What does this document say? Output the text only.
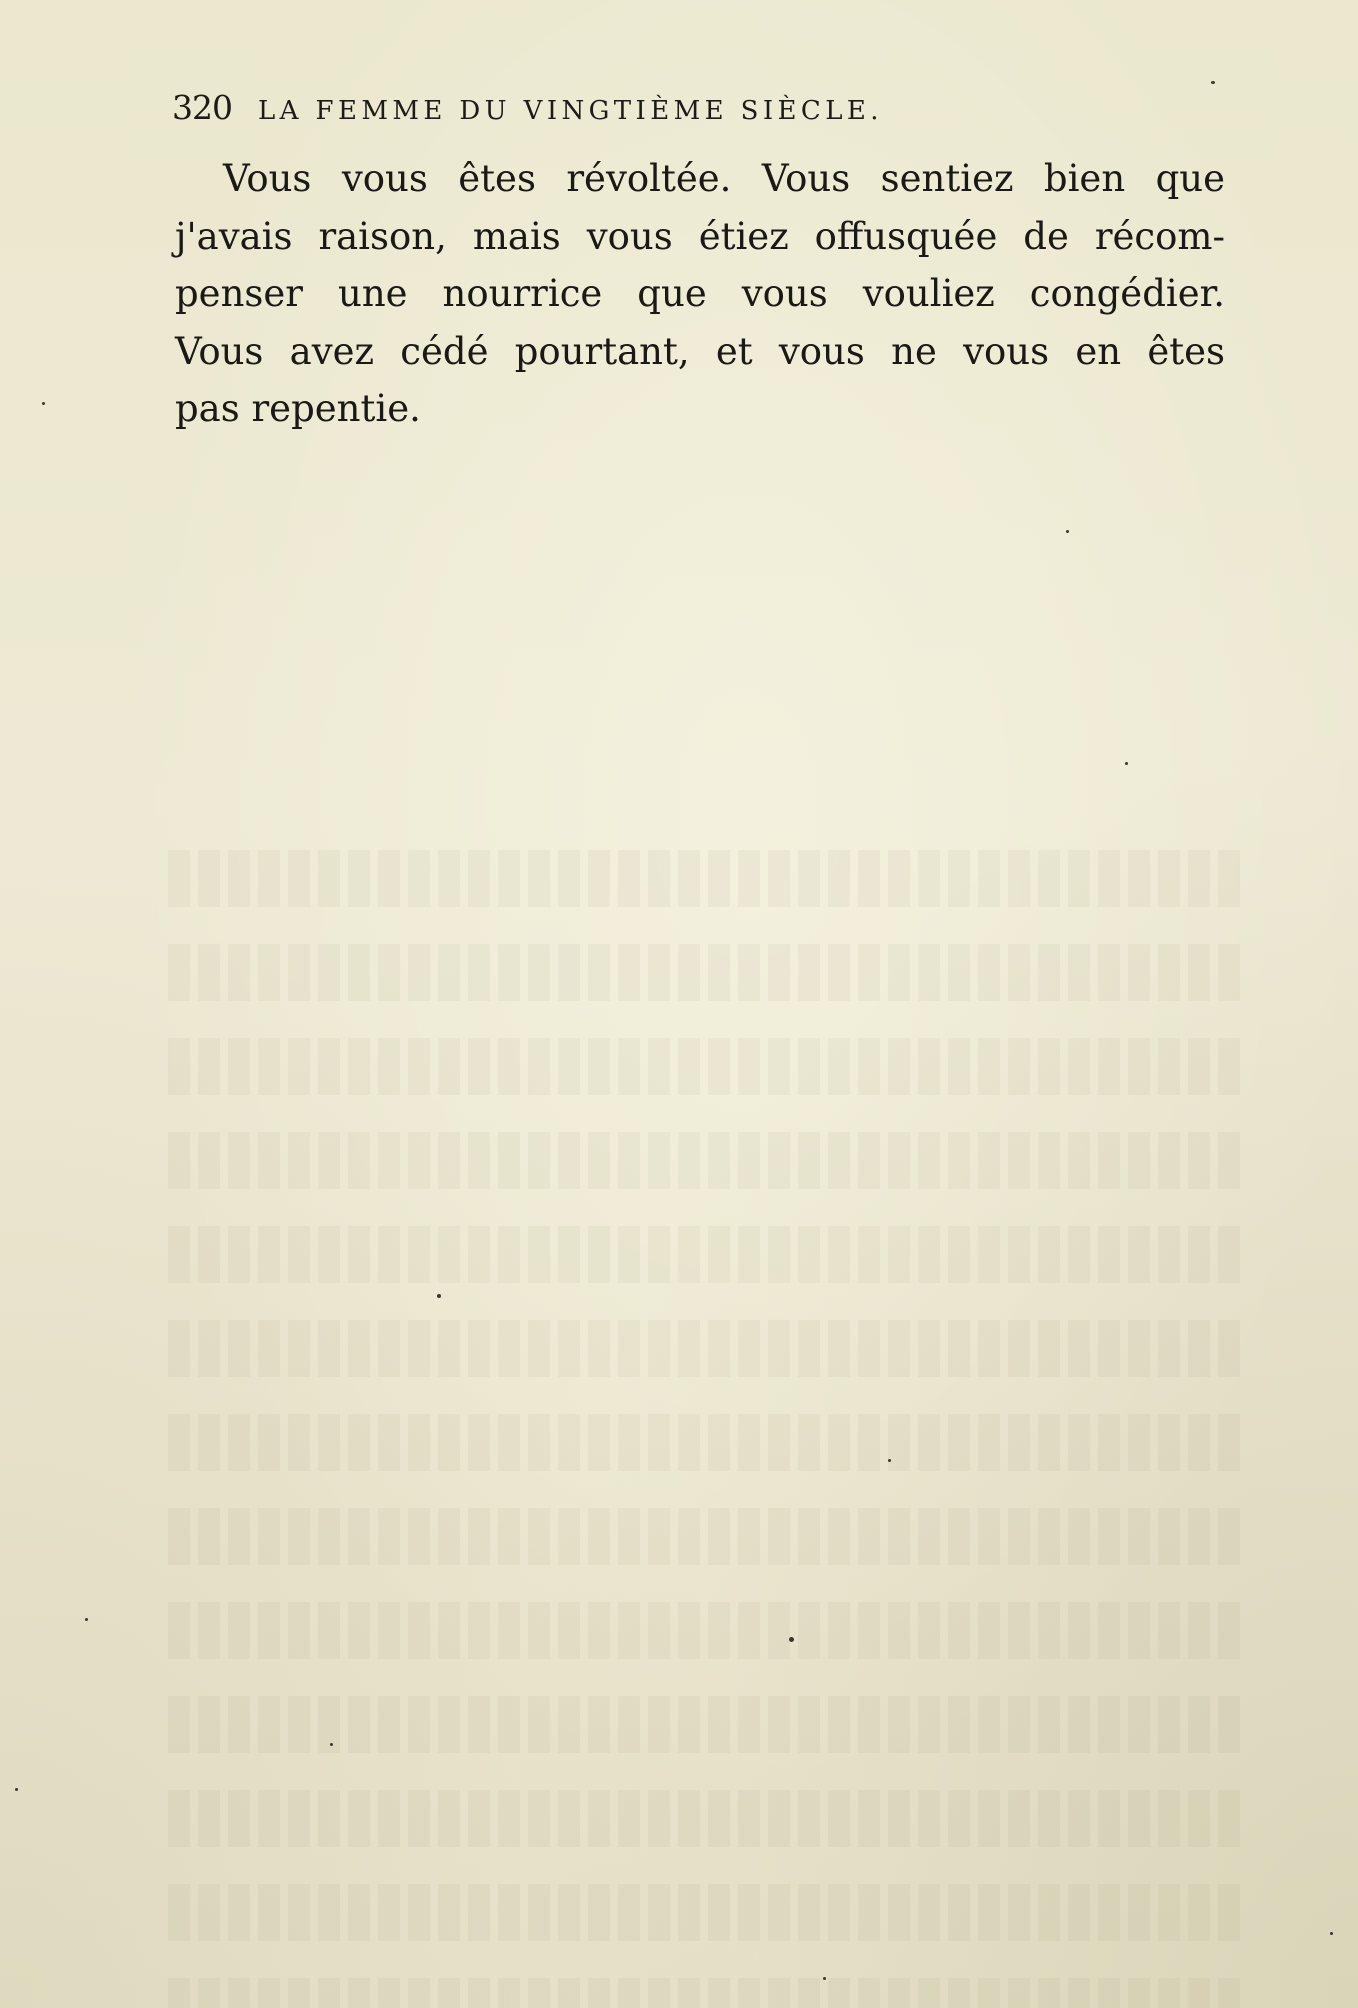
320 LA FEMME DU VINGTIÈME SIÈCLE.
Vous vous êtes révoltée. Vous sentiez bien que
j'avais raison, mais vous étiez offusquée de récom-
penser une nourrice que vous vouliez congédier.
Vous avez cédé pourtant, et vous ne vous en êtes
pas repentie.
